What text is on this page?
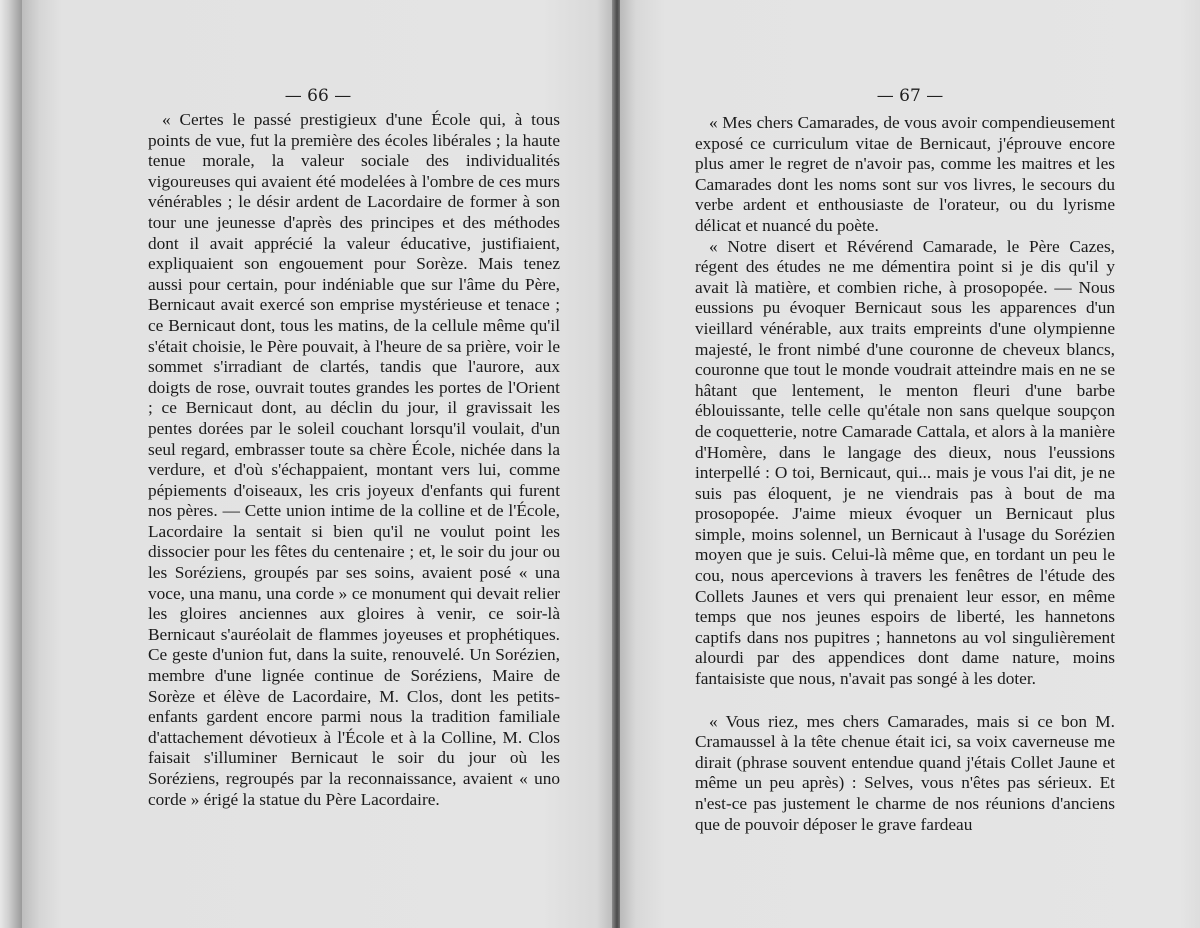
— 66 —

« Certes le passé prestigieux d'une École qui, à tous points de vue, fut la première des écoles libérales ; la haute tenue morale, la valeur sociale des individualités vigoureuses qui avaient été modelées à l'ombre de ces murs vénérables ; le désir ardent de Lacordaire de former à son tour une jeunesse d'après des principes et des méthodes dont il avait apprécié la valeur éducative, justifiaient, expliquaient son engouement pour Sorèze. Mais tenez aussi pour certain, pour indéniable que sur l'âme du Père, Bernicaut avait exercé son emprise mystérieuse et tenace ; ce Bernicaut dont, tous les matins, de la cellule même qu'il s'était choisie, le Père pouvait, à l'heure de sa prière, voir le sommet s'irradiant de clartés, tandis que l'aurore, aux doigts de rose, ouvrait toutes grandes les portes de l'Orient ; ce Bernicaut dont, au déclin du jour, il gravissait les pentes dorées par le soleil couchant lorsqu'il voulait, d'un seul regard, embrasser toute sa chère École, nichée dans la verdure, et d'où s'échappaient, montant vers lui, comme pépiements d'oiseaux, les cris joyeux d'enfants qui furent nos pères. — Cette union intime de la colline et de l'École, Lacordaire la sentait si bien qu'il ne voulut point les dissocier pour les fêtes du centenaire ; et, le soir du jour ou les Soréziens, groupés par ses soins, avaient posé « una voce, una manu, una corde » ce monument qui devait relier les gloires anciennes aux gloires à venir, ce soir-là Bernicaut s'auréolait de flammes joyeuses et prophétiques. Ce geste d'union fut, dans la suite, renouvelé. Un Sorézien, membre d'une lignée continue de Soréziens, Maire de Sorèze et élève de Lacordaire, M. Clos, dont les petits-enfants gardent encore parmi nous la tradition familiale d'attachement dévotieux à l'École et à la Colline, M. Clos faisait s'illuminer Bernicaut le soir du jour où les Soréziens, regroupés par la reconnaissance, avaient « uno corde » érigé la statue du Père Lacordaire.

— 67 —

« Mes chers Camarades, de vous avoir compendieusement exposé ce curriculum vitae de Bernicaut, j'éprouve encore plus amer le regret de n'avoir pas, comme les maitres et les Camarades dont les noms sont sur vos livres, le secours du verbe ardent et enthousiaste de l'orateur, ou du lyrisme délicat et nuancé du poète.

« Notre disert et Révérend Camarade, le Père Cazes, régent des études ne me démentira point si je dis qu'il y avait là matière, et combien riche, à prosopopée. — Nous eussions pu évoquer Bernicaut sous les apparences d'un vieillard vénérable, aux traits empreints d'une olympienne majesté, le front nimbé d'une couronne de cheveux blancs, couronne que tout le monde voudrait atteindre mais en ne se hâtant que lentement, le menton fleuri d'une barbe éblouissante, telle celle qu'étale non sans quelque soupçon de coquetterie, notre Camarade Cattala, et alors à la manière d'Homère, dans le langage des dieux, nous l'eussions interpellé : O toi, Bernicaut, qui... mais je vous l'ai dit, je ne suis pas éloquent, je ne viendrais pas à bout de ma prosopopée. J'aime mieux évoquer un Bernicaut plus simple, moins solennel, un Bernicaut à l'usage du Sorézien moyen que je suis. Celui-là même que, en tordant un peu le cou, nous apercevions à travers les fenêtres de l'étude des Collets Jaunes et vers qui prenaient leur essor, en même temps que nos jeunes espoirs de liberté, les hannetons captifs dans nos pupitres ; hannetons au vol singulièrement alourdi par des appendices dont dame nature, moins fantaisiste que nous, n'avait pas songé à les doter.

« Vous riez, mes chers Camarades, mais si ce bon M. Cramaussel à la tête chenue était ici, sa voix caverneuse me dirait (phrase souvent entendue quand j'étais Collet Jaune et même un peu après) : Selves, vous n'êtes pas sérieux. Et n'est-ce pas justement le charme de nos réunions d'anciens que de pouvoir déposer le grave fardeau
